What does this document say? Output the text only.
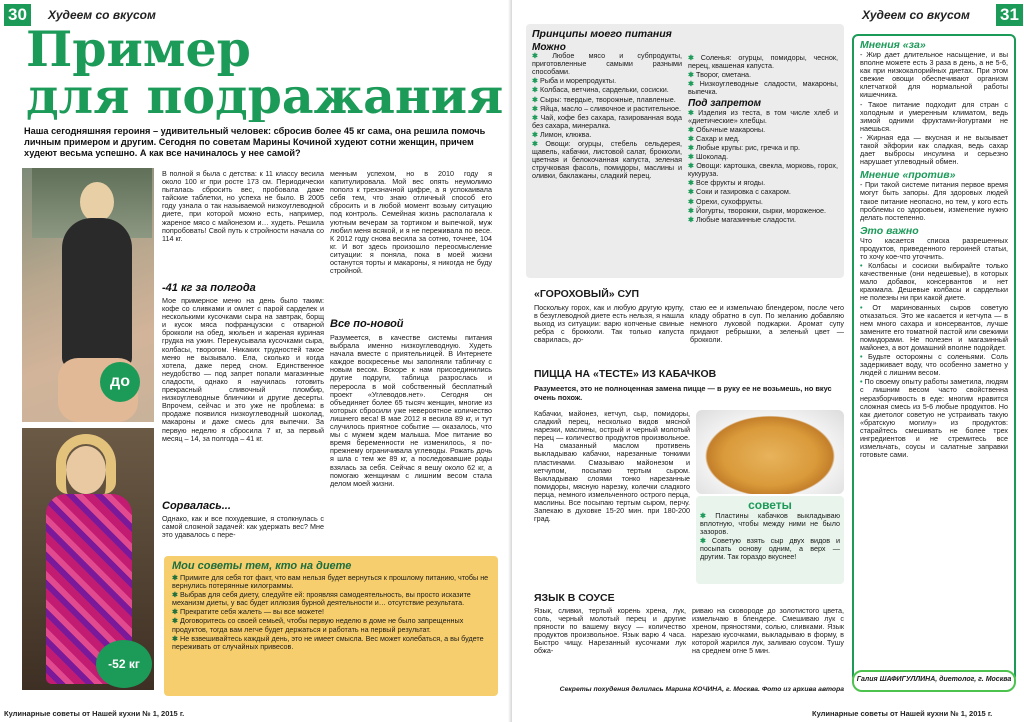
30	Худеем со вкусом
Пример
для подражания
Наша сегодняшняя героиня – удивительный человек: сбросив более 45 кг сама, она решила помочь личным примером и другим. Сегодня по советам Марины Кочиной худеют сотни женщин, причем худеют весьма успешно. А как все начиналось у нее самой?
до
-52 кг
В полной я была с детства: к 11 классу весила около 100 кг при росте 173 см. Периодически пыталась сбросить вес, пробовала даже тайские таблетки, но успеха не было. В 2005 году узнала о так называемой низкоуглеводной диете, при которой можно есть, например, жареное мясо с майонезом и… худеть. Решила попробовать! Свой путь к стройности начала со 114 кг.
-41 кг за полгода
Мое примерное меню на день было таким: кофе со сливками и омлет с парой сарделек и несколькими кусочками сыра на завтрак, борщ и кусок мяса пофранцузски с отварной брокколи на обед, жюльен и жареная куриная грудка на ужин. Перекусывала кусочками сыра, колбасы, творогом. Никаких трудностей такое меню не вызывало. Ела, сколько и когда хотела, даже перед сном. Единственное неудобство — под запрет попали магазинные сладости, однако я научилась готовить прекрасный сливочный пломбир, низкоуглеводные блинчики и другие десерты. Впрочем, сейчас и это уже не проблема: в продаже появился низкоуглеводный шоколад, макароны и даже смесь для выпечки. За первую неделю я сбросила 7 кг, за первый месяц – 14, за полгода – 41 кг.
Сорвалась...
Однако, как и все похудевшие, я столкнулась с самой сложной задачей: как удержать вес? Мне это удавалось с пере-
менным успехом, но в 2010 году я капитулировала. Мой вес опять неумолимо пополз к трехзначной цифре, а я успокаивала себя тем, что знаю отличный способ его сбросить и в любой момент возьму ситуацию под контроль. Семейная жизнь располагала к уютным вечерам за тортиком и выпечкой, муж любил меня всякой, и я не переживала по весе. К 2012 году снова весила за сотню, точнее, 104 кг. И вот здесь произошло переосмысление ситуации: я поняла, пока в моей жизни останутся торты и макароны, я никогда не буду стройной.
Все по-новой
Разумеется, в качестве системы питания выбрала именно низкоуглеводную. Худеть начала вместе с приятельницей. В Интернете каждое воскресенье мы заполняли табличку с новым весом. Вскоре к нам присоединились другие подруги, таблица разрослась и переросла в мой собственный бесплатный проект «Углеводов.нет». Сегодня он объединяет более 65 тысяч женщин, многие из которых сбросили уже невероятное количество лишнего веса! В мае 2012 я весила 89 кг, и тут случилось приятное событие — оказалось, что мы с мужем ждем малыша. Мое питание во время беременности не изменилось, я по-прежнему ограничивала углеводы. Рожать дочь я шла с тем же 89 кг, а последовавшие роды взялась за себя. Сейчас я вешу около 62 кг, а помогаю женщинам с лишним весом стала делом моей жизни.
Мои советы тем, кто на диете
✱ Примите для себя тот факт, что вам нельзя будет вернуться к прошлому питанию, чтобы не вернулись потерянные килограммы.
✱ Выбрав для себя диету, следуйте ей: проявляя самодеятельность, вы просто исказите механизм диеты, у вас будет иллюзия бурной деятельности и… отсутствие результата.
✱ Прекратите себя жалеть — вы все можете!
✱ Договоритесь со своей семьей, чтобы первую неделю в доме не было запрещенных продуктов, тогда вам легче будет держаться и работать на первый результат.
✱ Не взвешивайтесь каждый день, это не имеет смысла. Вес может колебаться, а вы будете переживать от случайных привесов.
Кулинарные советы от Нашей кухни № 1, 2015 г.
Худеем со вкусом 31
Принципы моего питания
Можно
✱ Любое мясо и субпродукты, приготовленные самыми разными способами.
✱ Рыба и морепродукты.
✱ Колбаса, ветчина, сардельки, сосиски.
✱ Сыры: твердые, творожные, плавленые.
✱ Яйца, масло – сливочное и растительное.
✱ Чай, кофе без сахара, газированная вода без сахара, минералка.
✱ Лимон, клюква.
✱ Овощи: огурцы, стебель сельдерея, щавель, кабачки, листовой салат, брокколи, цветная и белокочанная капуста, зеленая стручковая фасоль, помидоры, маслины и оливки, баклажаны, сладкий перец.
✱ Соленья: огурцы, помидоры, чеснок, перец, квашеная капуста.
✱ Творог, сметана.
✱ Низкоуглеводные сладости, макароны, выпечка.
Под запретом
✱ Изделия из теста, в том числе хлеб и «диетические» хлебцы.
✱ Обычные макароны.
✱ Сахар и мед.
✱ Любые крупы: рис, гречка и пр.
✱ Шоколад.
✱ Овощи: картошка, свекла, морковь, горох, кукуруза.
✱ Все фрукты и ягоды.
✱ Соки и газировка с сахаром.
✱ Орехи, сухофрукты.
✱ Йогурты, творожки, сырки, мороженое.
✱ Любые магазинные сладости.
«ГОРОХОВЫЙ» СУП
Поскольку горох, как и любую другую крупу, в безуглеводной диете есть нельзя, я нашла выход из ситуации: варю копченые свиные ребра с брокколи. Так только капуста сварилась, до-
стаю ее и измельчаю блендером, после чего кладу обратно в суп. По желанию добавляю немного луковой поджарки. Аромат супу придают ребрышки, а зеленый цвет — брокколи.
ПИЦЦА НА «ТЕСТЕ» ИЗ КАБАЧКОВ
Разумеется, это не полноценная замена пицце — в руку ее не возьмешь, но вкус очень похож.
Кабачки, майонез, кетчуп, сыр, помидоры, сладкий перец, несколько видов мясной нарезки, маслины, острый и черный молотый перец — количество продуктов произвольное. На смазанный маслом противень выкладываю кабачки, нарезанные тонкими пластинами. Смазываю майонезом и кетчупом, посыпаю тертым сыром. Выкладываю слоями тонко нарезанные помидоры, мясную нарезку, колечки сладкого перца, немного измельченного острого перца, маслины. Все посыпаю тертым сыром, перчу. Запекаю в духовке 15-20 мин. при 180-200 град.
советы
✱ Пластины кабачков выкладываю вплотную, чтобы между ними не было зазоров.
✱ Советую взять сыр двух видов и посыпать основу одним, а верх — другим. Так гораздо вкуснее!
ЯЗЫК В СОУСЕ
Язык, сливки, тертый корень хрена, лук, соль, черный молотый перец и другие пряности по вашему вкусу — количество продуктов произвольное. Язык варю 4 часа. Быстро чищу. Нарезанный кусочками лук обжа-
риваю на сковороде до золотистого цвета, измельчаю в блендере. Смешиваю лук с хреном, пряностями, солью, сливками. Язык нарезаю кусочками, выкладываю в форму, в которой жарился лук, заливаю соусом. Тушу на среднем огне 5 мин.
Секреты похудения делилась Марина КОЧИНА, г. Москва. Фото из архива автора
Мнения «за»
- Жир дает длительное насыщение, и вы вполне можете есть 3 раза в день, а не 5-6, как при низкокалорийных диетах. При этом свежие овощи обеспечивают организм клетчаткой для нормальной работы кишечника.
- Такое питание подходит для стран с холодным и умеренным климатом, ведь зимой одними фруктами-йогуртами не наешься.
- Жирная еда — вкусная и не вызывает такой эйфории как сладкая, ведь сахар дает выбросы инсулина и серьезно нарушает углеводный обмен.
Мнение «против»
- При такой системе питания первое время могут быть запоры. Для здоровых людей такое питание неопасно, но тем, у кого есть проблемы со здоровьем, изменение нужно делать постепенно.
Это важно
Что касается списка разрешенных продуктов, приведенного героиней статьи, то хочу кое-что уточнить.
• Колбасы и сосиски выбирайте только качественные (они недешевые), в которых мало добавок, консервантов и нет крахмала. Дешевые колбасы и сардельки не полезны ни при какой диете.
• От маринованных сыров советую отказаться. Это же касается и кетчупа — в нем много сахара и консервантов, лучше замените его томатной пастой или свежими помидорами. Не полезен и магазинный майонез, а вот домашний вполне подойдет.
• Будьте осторожны с соленьями. Соль задерживает воду, что особенно заметно у людей с лишним весом.
• По своему опыту работы заметила, людям с лишним весом часто свойственна неразборчивость в еде: многим нравится сложная смесь из 5-6 любые продуктов. Но как диетолог советую не устраивать такую «братскую могилу» из продуктов: старайтесь смешивать не более трех ингредиентов и не стремитесь все измельчать, соусы и салатные заправки готовьте сами.
Галия ШАФИГУЛЛИНА, диетолог, г. Москва
Кулинарные советы от Нашей кухни № 1, 2015 г.
